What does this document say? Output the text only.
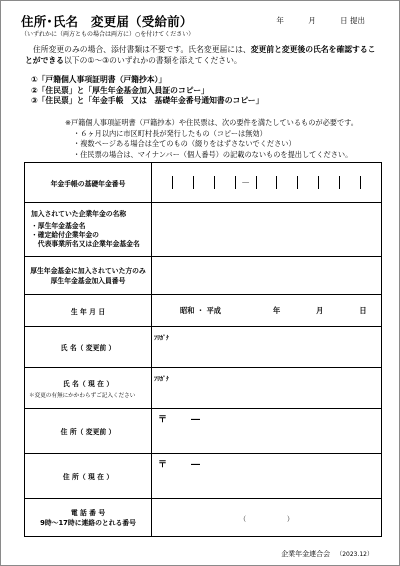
住所･氏名　変更届（受給前）
（いずれかに（両方ともの場合は両方に）○を付けてください）
年	月	日 提出
住所変更のみの場合、添付書類は不要です。氏名変更届には、変更前と変更後の氏名を確認することができる以下の①～③のいずれかの書類を添えてください。
①「戸籍個人事項証明書（戸籍抄本）」
②「住民票」と「厚生年金基金加入員証のコピー」
③「住民票」と「年金手帳　又は　基礎年金番号通知書のコピー」
※戸籍個人事項証明書（戸籍抄本）や住民票は、次の要件を満たしているものが必要です。
・６ヶ月以内に市区町村長が発行したもの（コピーは無効）
・複数ページある場合は全てのもの（綴りをはずさないでください）
・住民票の場合は、マイナンバー（個人番号）の記載のないものを提出してください。
年金手帳の基礎年金番号	－

加入されていた企業年金の名称
・厚生年金基金名
・確定給付企業年金の
　代表事業所名又は企業年金基金名	

厚生年金基金に加入されていた方のみ
厚生年金基金加入員番号	

生 年 月 日	昭和 ・ 平成 年 月 日

氏 名（ 変更前 ）	ﾌﾘｶﾞﾅ
氏 名（ 現 在 ）
＊変更の有無にかかわらずご記入ください	ﾌﾘｶﾞﾅ
住 所（ 変更前 ）	〒 ―

住 所（ 現 在 ）	〒 ―

電 話 番 号
9時～17時に連絡のとれる番号	（　　　　　　）
企業年金連合会 （2023.12）
